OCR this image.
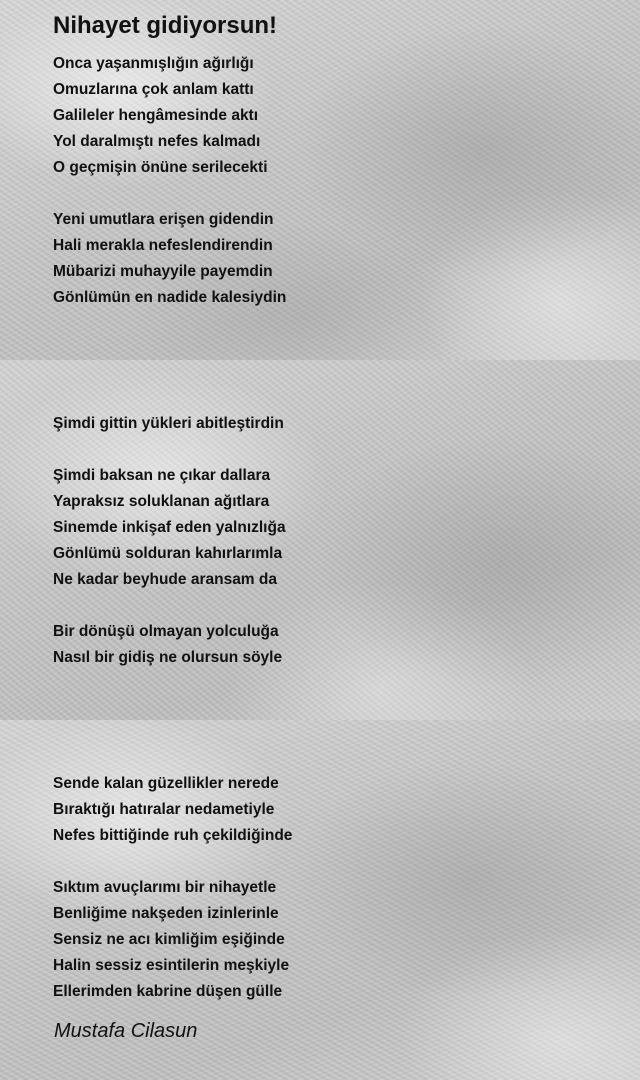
Nihayet gidiyorsun!
Onca yaşanmışlığın ağırlığı
Omuzlarına çok anlam kattı
Galileler hengâmesinde aktı
Yol daralmıştı nefes kalmadı
O geçmişin önüne serilecekti
Yeni umutlara erişen gidendin
Hali merakla nefeslendirendin
Mübarizi muhayyile payemdin
Gönlümün en nadide kalesiydin
Şimdi gittin yükleri abitleştirdin
Şimdi baksan ne çıkar dallara
Yapraksız soluklanan ağıtlara
Sinemde inkişaf eden yalnızlığa
Gönlümü solduran kahırlarımla
Ne kadar beyhude aransam da
Bir dönüşü olmayan yolculuğa
Nasıl bir gidiş ne olursun söyle
Sende kalan güzellikler nerede
Bıraktığı hatıralar nedametiyle
Nefes bittiğinde ruh çekildiğinde
Sıktım avuçlarımı bir nihayetle
Benliğime nakşeden izinlerinle
Sensiz ne acı kimliğim eşiğinde
Halin sessiz esintilerin meşkiyle
Ellerimden kabrine düşen gülle
Mustafa Cilasun
